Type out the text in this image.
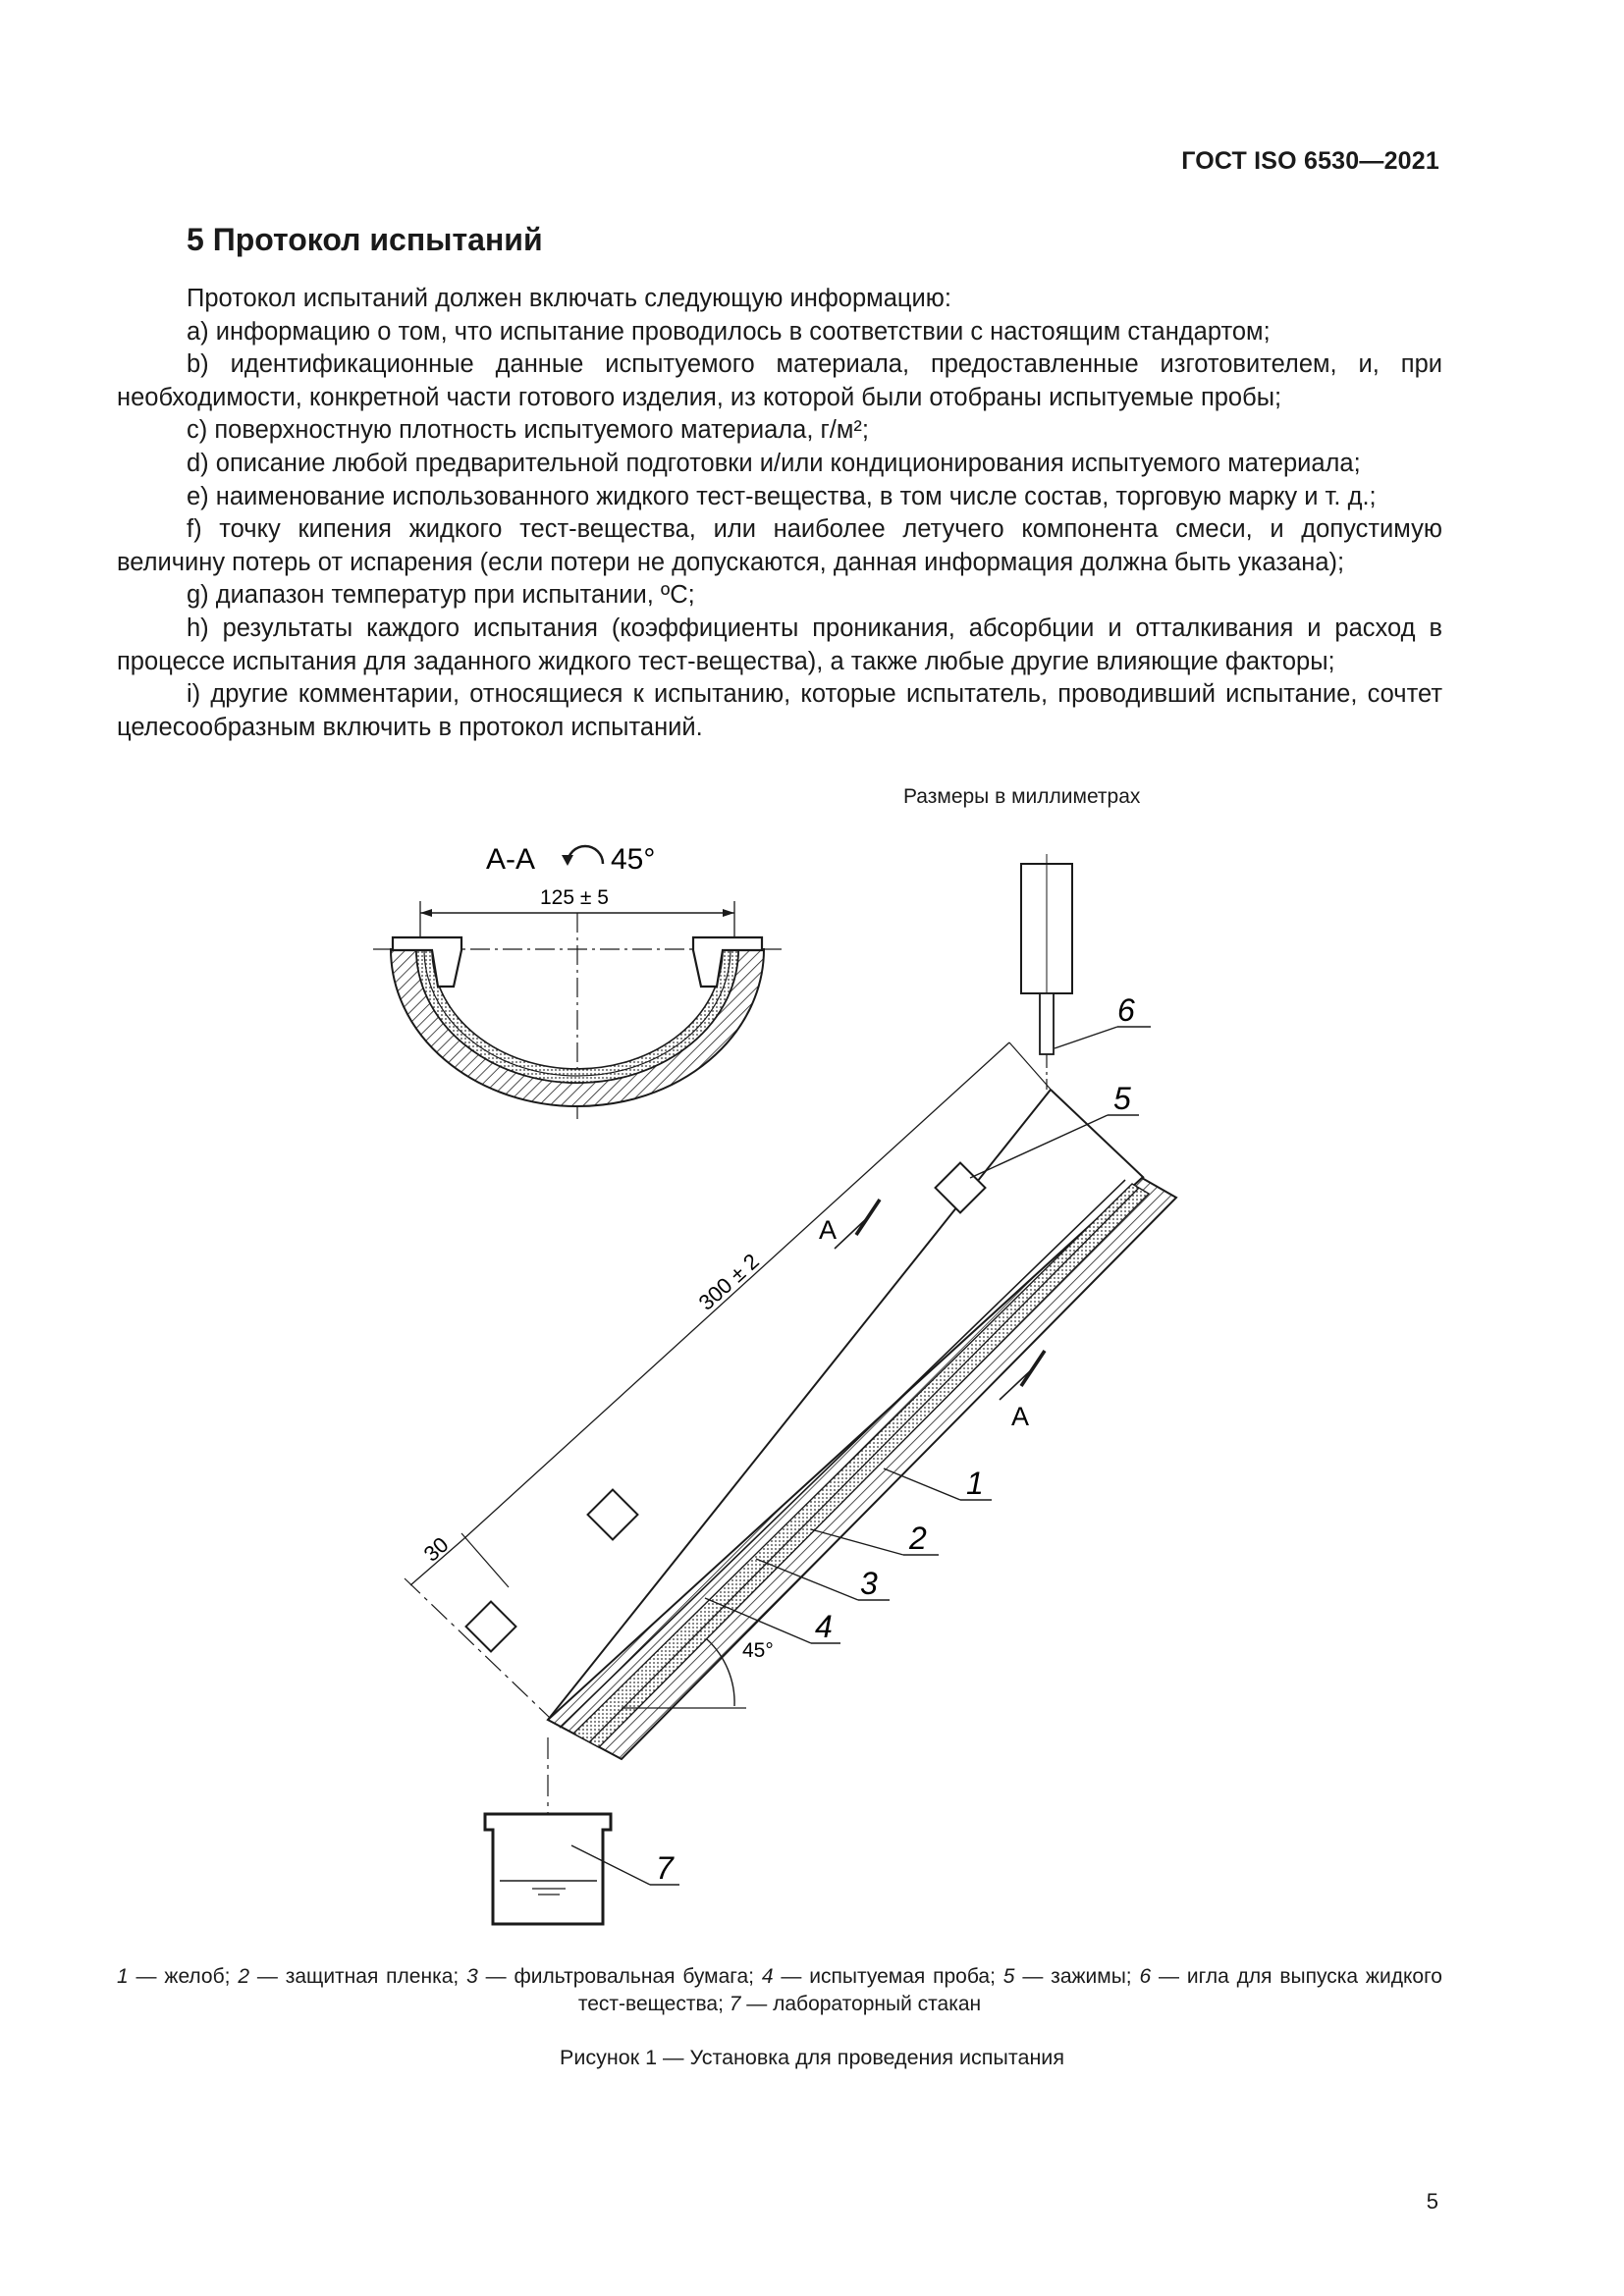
ГОСТ ISO 6530—2021
5 Протокол испытаний

Протокол испытаний должен включать следующую информацию:

а) информацию о том, что испытание проводилось в соответствии с настоящим стандартом;

b) идентификационные данные испытуемого материала, предоставленные изготовителем, и, при необходимости, конкретной части готового изделия, из которой были отобраны испытуемые пробы;

c) поверхностную плотность испытуемого материала, г/м²;

d) описание любой предварительной подготовки и/или кондиционирования испытуемого материала;

e) наименование использованного жидкого тест-вещества, в том числе состав, торговую марку и т. д.;

f) точку кипения жидкого тест-вещества, или наиболее летучего компонента смеси, и допустимую величину потерь от испарения (если потери не допускаются, данная информация должна быть указана);

g) диапазон температур при испытании, ºС;

h) результаты каждого испытания (коэффициенты проникания, абсорбции и отталкивания и расход в процессе испытания для заданного жидкого тест-вещества), а также любые другие влияющие факторы;

i) другие комментарии, относящиеся к испытанию, которые испытатель, проводивший испытание, сочтет целесообразным включить в протокол испытаний.

Размеры в миллиметрах
А-А	45°
125 ± 5
300 ± 2
30
45°
А
А
6
5
1
2
3
4
7
1 — желоб; 2 — защитная пленка; 3 — фильтровальная бумага; 4 — испытуемая проба; 5 — зажимы; 6 — игла для выпуска жидкого тест-вещества; 7 — лабораторный стакан
Рисунок 1 — Установка для проведения испытания
5
